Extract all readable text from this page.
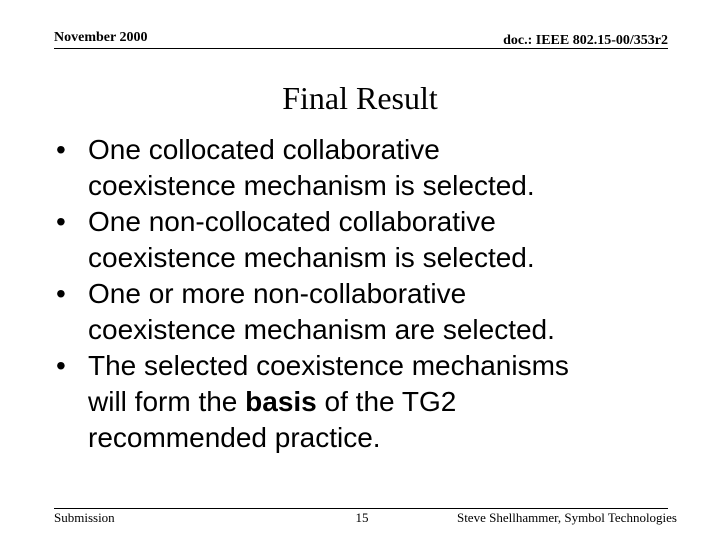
November 2000	doc.: IEEE 802.15-00/353r2
Final Result
• One collocated collaborative
coexistence mechanism is selected.
• One non-collocated collaborative
coexistence mechanism is selected.
• One or more non-collaborative
coexistence mechanism are selected.
• The selected coexistence mechanisms
will form the basis of the TG2
recommended practice.
Submission	15	Steve Shellhammer, Symbol Technologies
